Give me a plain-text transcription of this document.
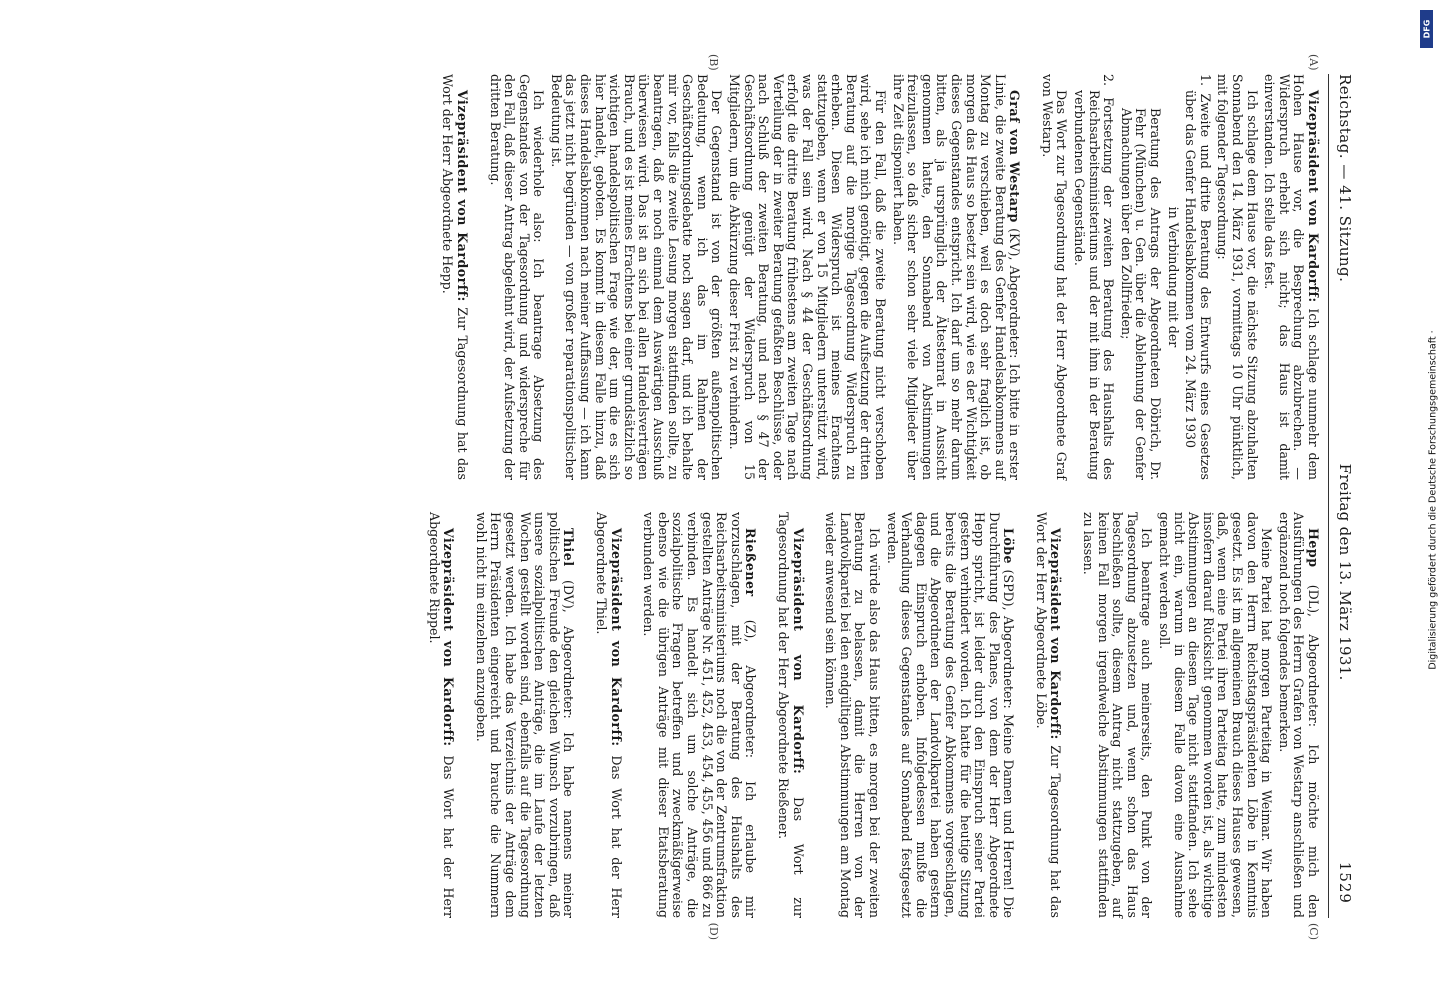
Reichstag. — 41. Sitzung.
Freitag den 13. März 1931.
1529
(A)
(B)

Vizepräsident von Kardorff: Ich schlage nunmehr dem Hohen Hause vor, die Besprechung abzubrechen. — Widerspruch erhebt sich nicht; das Haus ist damit einverstanden. Ich stelle das fest.

Ich schlage dem Hause vor, die nächste Sitzung abzuhalten Sonnabend den 14. März 1931, vormittags 10 Uhr pünktlich, mit folgender Tagesordnung:

1. Zweite und dritte Beratung des Entwurfs eines Gesetzes über das Genfer Handelsabkommen vom 24. März 1930

in Verbindung mit der

Beratung des Antrags der Abgeordneten Döbrich, Dr. Fehr (München) u. Gen. über die Ablehnung der Genfer Abmachungen über den Zollfrieden;
2. Fortsetzung der zweiten Beratung des Haushalts des Reichsarbeitsministeriums und der mit ihm in der Beratung verbundenen Gegenstände.

Das Wort zur Tagesordnung hat der Herr Abgeordnete Graf von Westarp.

Graf von Westarp (KV), Abgeordneter: Ich bitte in erster Linie, die zweite Beratung des Genfer Handelsabkommens auf Montag zu verschieben, weil es doch sehr fraglich ist, ob morgen das Haus so besetzt sein wird, wie es der Wichtigkeit dieses Gegenstandes entspricht. Ich darf um so mehr darum bitten, als ja ursprünglich der Ältestenrat in Aussicht genommen hatte, den Sonnabend von Abstimmungen freizulassen, so daß sicher schon sehr viele Mitglieder über ihre Zeit disponiert haben.

Für den Fall, daß die zweite Beratung nicht verschoben wird, sehe ich mich genötigt, gegen die Aufsetzung der dritten Beratung auf die morgige Tagesordnung Widerspruch zu erheben. Diesen Widerspruch ist meines Erachtens stattzugeben, wenn er von 15 Mitgliedern unterstützt wird, was der Fall sein wird. Nach § 44 der Geschäftsordnung erfolgt die dritte Beratung frühestens am zweiten Tage nach Verteilung der in zweiter Beratung gefaßten Beschlüsse, oder nach Schluß der zweiten Beratung, und nach § 47 der Geschäftsordnung genügt der Widerspruch von 15 Mitgliedern, um die Abkürzung dieser Frist zu verhindern.

Der Gegenstand ist von der größten außenpolitischen Bedeutung, wenn ich das im Rahmen der Geschäftsordnungsdebatte noch sagen darf, und ich behalte mir vor, falls die zweite Lesung morgen stattfinden sollte, zu beantragen, daß er noch einmal dem Auswärtigen Ausschuß überwiesen wird. Das ist an sich bei allen Handelsverträgen Brauch, und es ist meines Erachtens bei einer grundsätzlich so wichtigen handelspolitischen Frage wie der, um die es sich hier handelt, geboten. Es kommt in diesem Falle hinzu, daß dieses Handelsabkommen nach meiner Auffassung — ich kann das jetzt nicht begründen — von großer reparationspolitischer Bedeutung ist.

Ich wiederhole also: Ich beantrage Absetzung des Gegenstandes von der Tagesordnung und widerspreche für den Fall, daß dieser Antrag abgelehnt wird, der Aufsetzung der dritten Beratung.

Vizepräsident von Kardorff: Zur Tagesordnung hat das Wort der Herr Abgeordnete Hepp.

(C)
(D)

Hepp (DL), Abgeordneter: Ich möchte mich den Ausführungen des Herrn Grafen von Westarp anschließen und ergänzend noch folgendes bemerken.

Meine Partei hat morgen Parteitag in Weimar. Wir haben davon den Herrn Reichstagspräsidenten Löbe in Kenntnis gesetzt. Es ist im allgemeinen Brauch dieses Hauses gewesen, daß, wenn eine Partei ihren Parteitag hatte, zum mindesten insofern darauf Rücksicht genommen worden ist, als wichtige Abstimmungen an diesem Tage nicht stattfanden. Ich sehe nicht ein, warum in diesem Falle davon eine Ausnahme gemacht werden soll.

Ich beantrage auch meinerseits, den Punkt von der Tagesordnung abzusetzen und, wenn schon das Haus beschließen sollte, diesem Antrag nicht stattzugeben, auf keinen Fall morgen irgendwelche Abstimmungen stattfinden zu lassen.

Vizepräsident von Kardorff: Zur Tagesordnung hat das Wort der Herr Abgeordnete Löbe.

Löbe (SPD), Abgeordneter: Meine Damen und Herren! Die Durchführung des Planes, von dem der Herr Abgeordnete Hepp spricht, ist leider durch den Einspruch seiner Partei gestern verhindert worden. Ich hatte für die heutige Sitzung bereits die Beratung des Genfer Abkommens vorgeschlagen, und die Abgeordneten der Landvolkpartei haben gestern dagegen Einspruch erhoben. Infolgedessen mußte die Verhandlung dieses Gegenstandes auf Sonnabend festgesetzt werden.

Ich würde also das Haus bitten, es morgen bei der zweiten Beratung zu belassen, damit die Herren von der Landvolkpartei bei den endgültigen Abstimmungen am Montag wieder anwesend sein können.

Vizepräsident von Kardorff: Das Wort zur Tagesordnung hat der Herr Abgeordnete Rießener.

Rießener (Z), Abgeordneter: Ich erlaube mir vorzuschlagen, mit der Beratung des Haushalts des Reichsarbeitsministeriums noch die von der Zentrumsfraktion gestellten Anträge Nr. 451, 452, 453, 454, 455, 456 und 866 zu verbinden. Es handelt sich um solche Anträge, die sozialpolitische Fragen betreffen und zweckmäßigerweise ebenso wie die übrigen Anträge mit dieser Etatsberatung verbunden werden.

Vizepräsident von Kardorff: Das Wort hat der Herr Abgeordnete Thiel.

Thiel (DV), Abgeordneter: Ich habe namens meiner politischen Freunde den gleichen Wunsch vorzubringen, daß unsere sozialpolitischen Anträge, die im Laufe der letzten Wochen gestellt worden sind, ebenfalls auf die Tagesordnung gesetzt werden. Ich habe das Verzeichnis der Anträge dem Herrn Präsidenten eingereicht und brauche die Nummern wohl nicht im einzelnen anzugeben.

Vizepräsident von Kardorff: Das Wort hat der Herr Abgeordnete Rippel.

DFG
Digitalisierung gefördert durch die Deutsche Forschungsgemeinschaft ·
